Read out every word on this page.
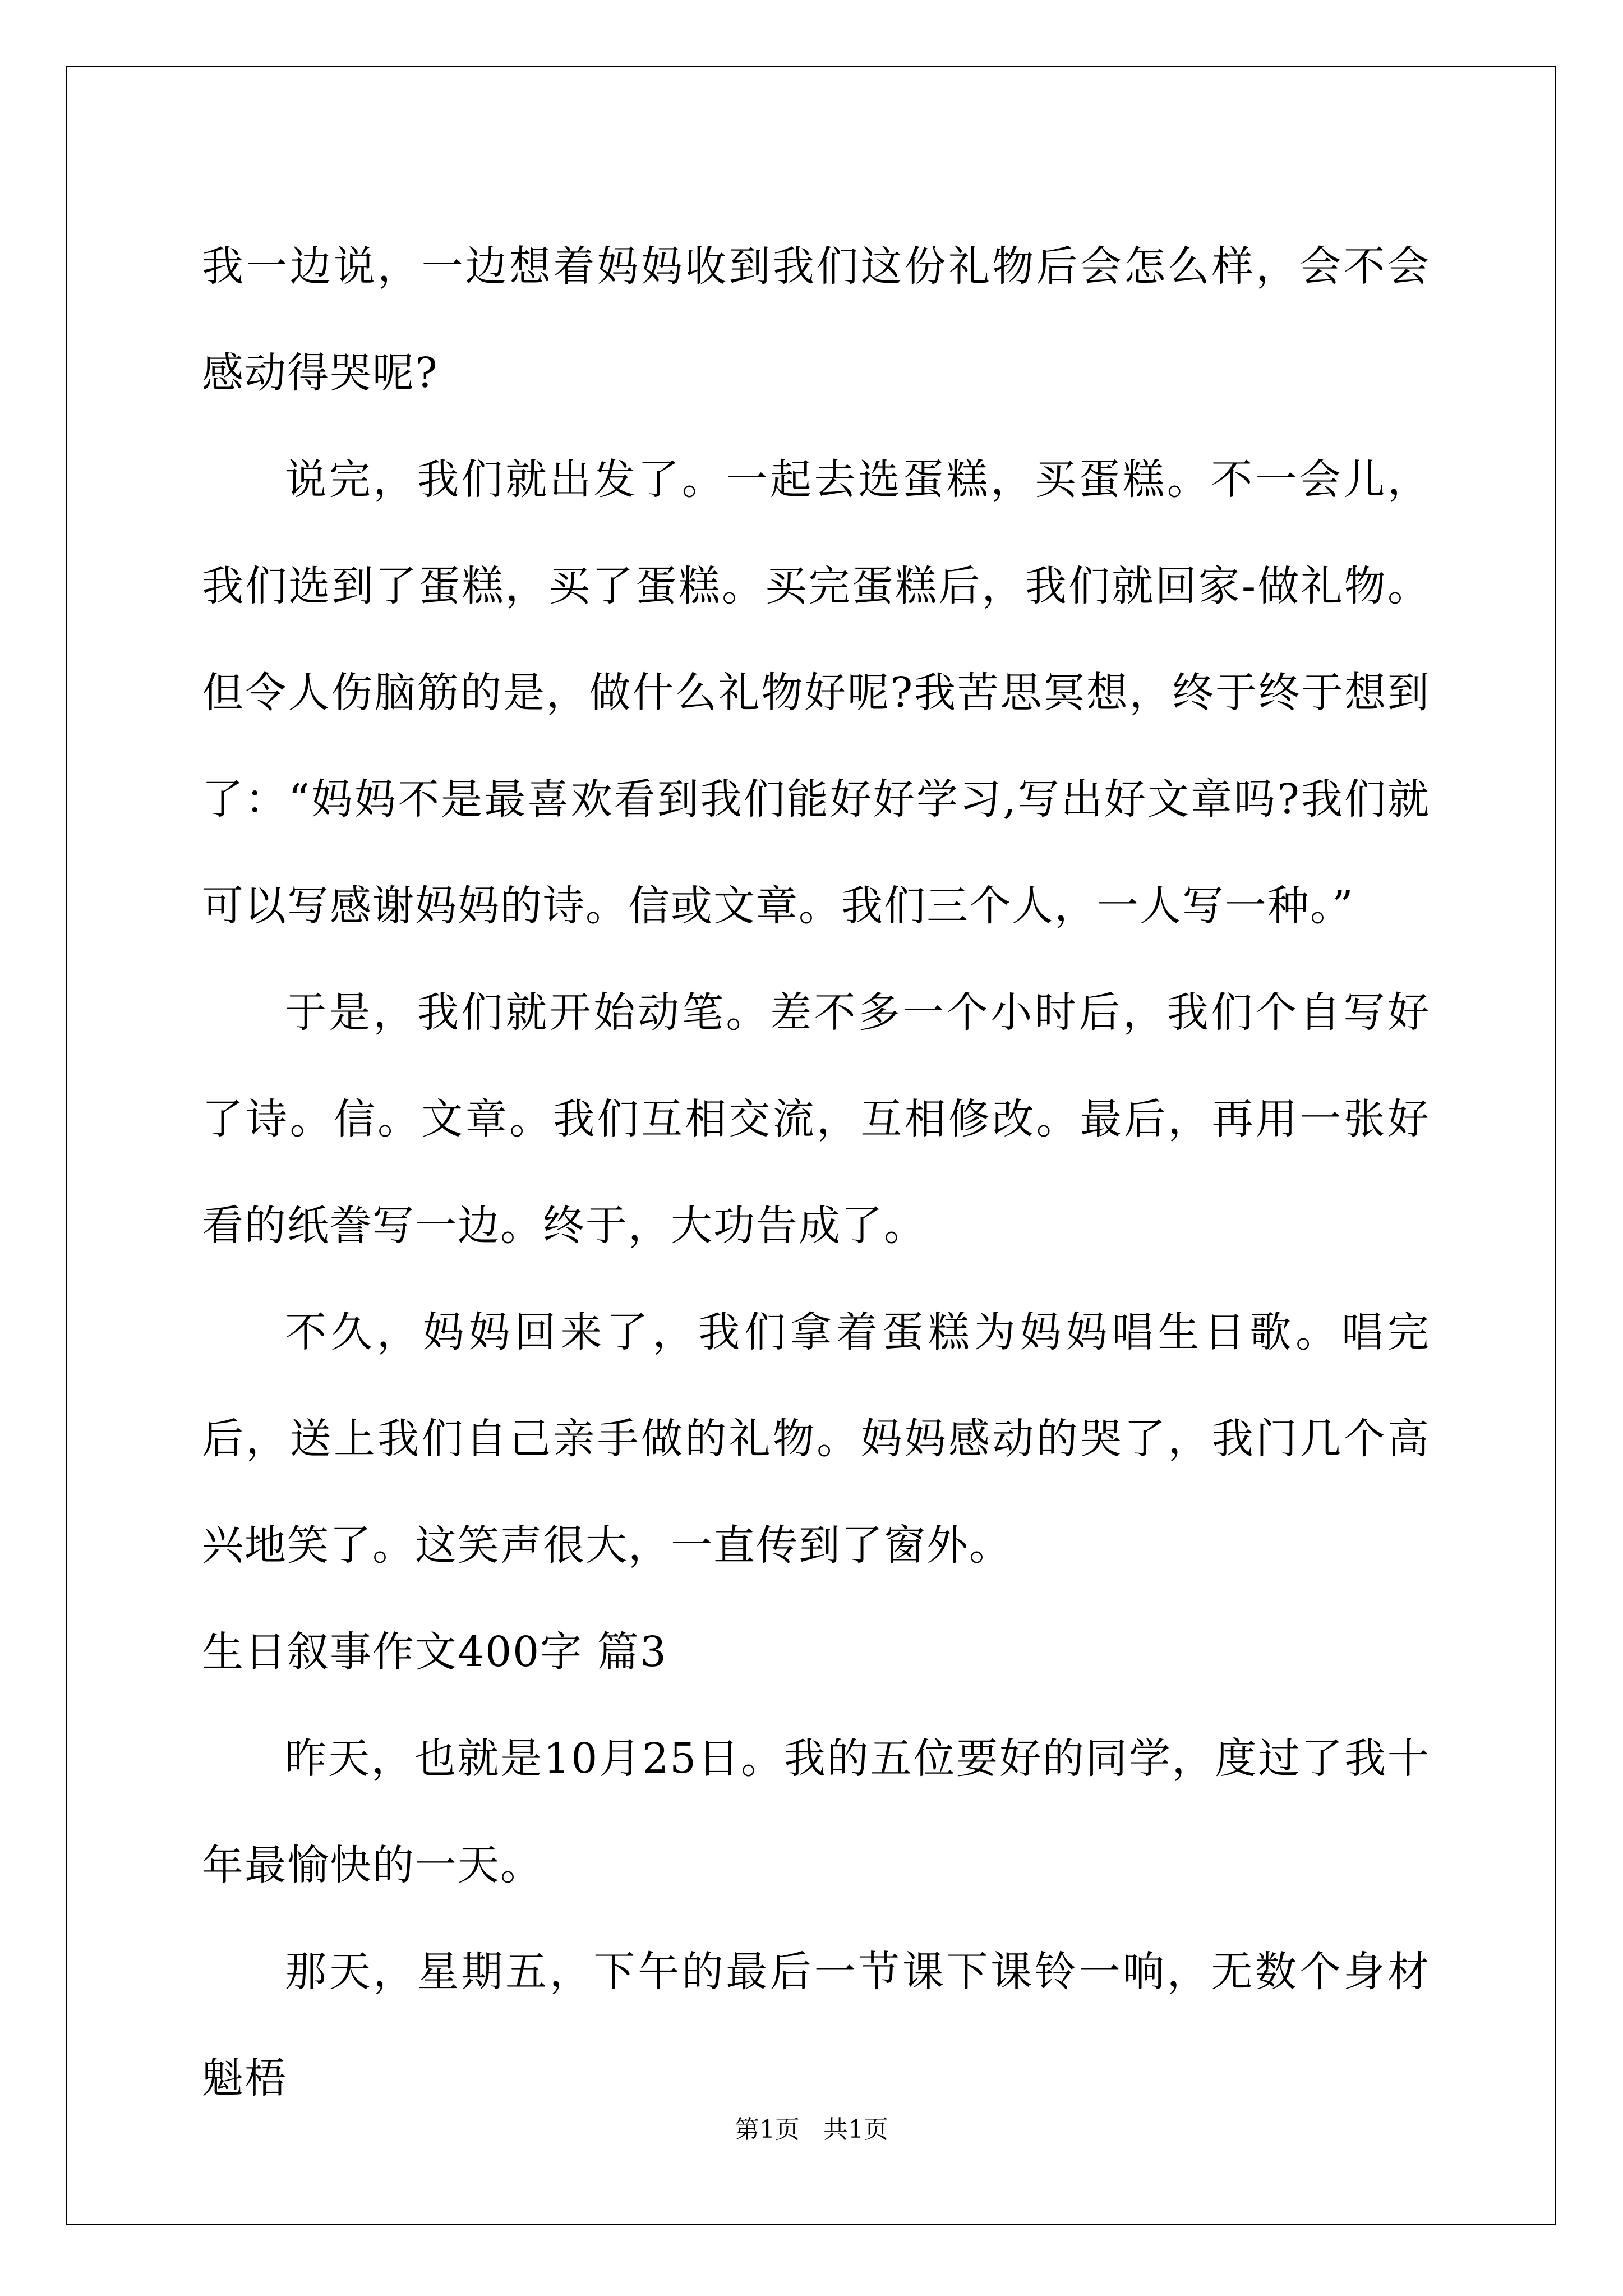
我一边说，一边想着妈妈收到我们这份礼物后会怎么样，会不会感动得哭呢?

说完，我们就出发了。一起去选蛋糕，买蛋糕。不一会儿，我们选到了蛋糕，买了蛋糕。买完蛋糕后，我们就回家-做礼物。但令人伤脑筋的是，做什么礼物好呢?我苦思冥想，终于终于想到了：“妈妈不是最喜欢看到我们能好好学习,写出好文章吗?我们就可以写感谢妈妈的诗。信或文章。我们三个人，一人写一种。”

于是，我们就开始动笔。差不多一个小时后，我们个自写好了诗。信。文章。我们互相交流，互相修改。最后，再用一张好看的纸誊写一边。终于，大功告成了。

不久，妈妈回来了，我们拿着蛋糕为妈妈唱生日歌。唱完后，送上我们自己亲手做的礼物。妈妈感动的哭了，我门几个高兴地笑了。这笑声很大，一直传到了窗外。

生日叙事作文400字 篇3

昨天，也就是10月25日。我的五位要好的同学，度过了我十年最愉快的一天。

那天，星期五，下午的最后一节课下课铃一响，无数个身材魁梧

第1页   共1页
